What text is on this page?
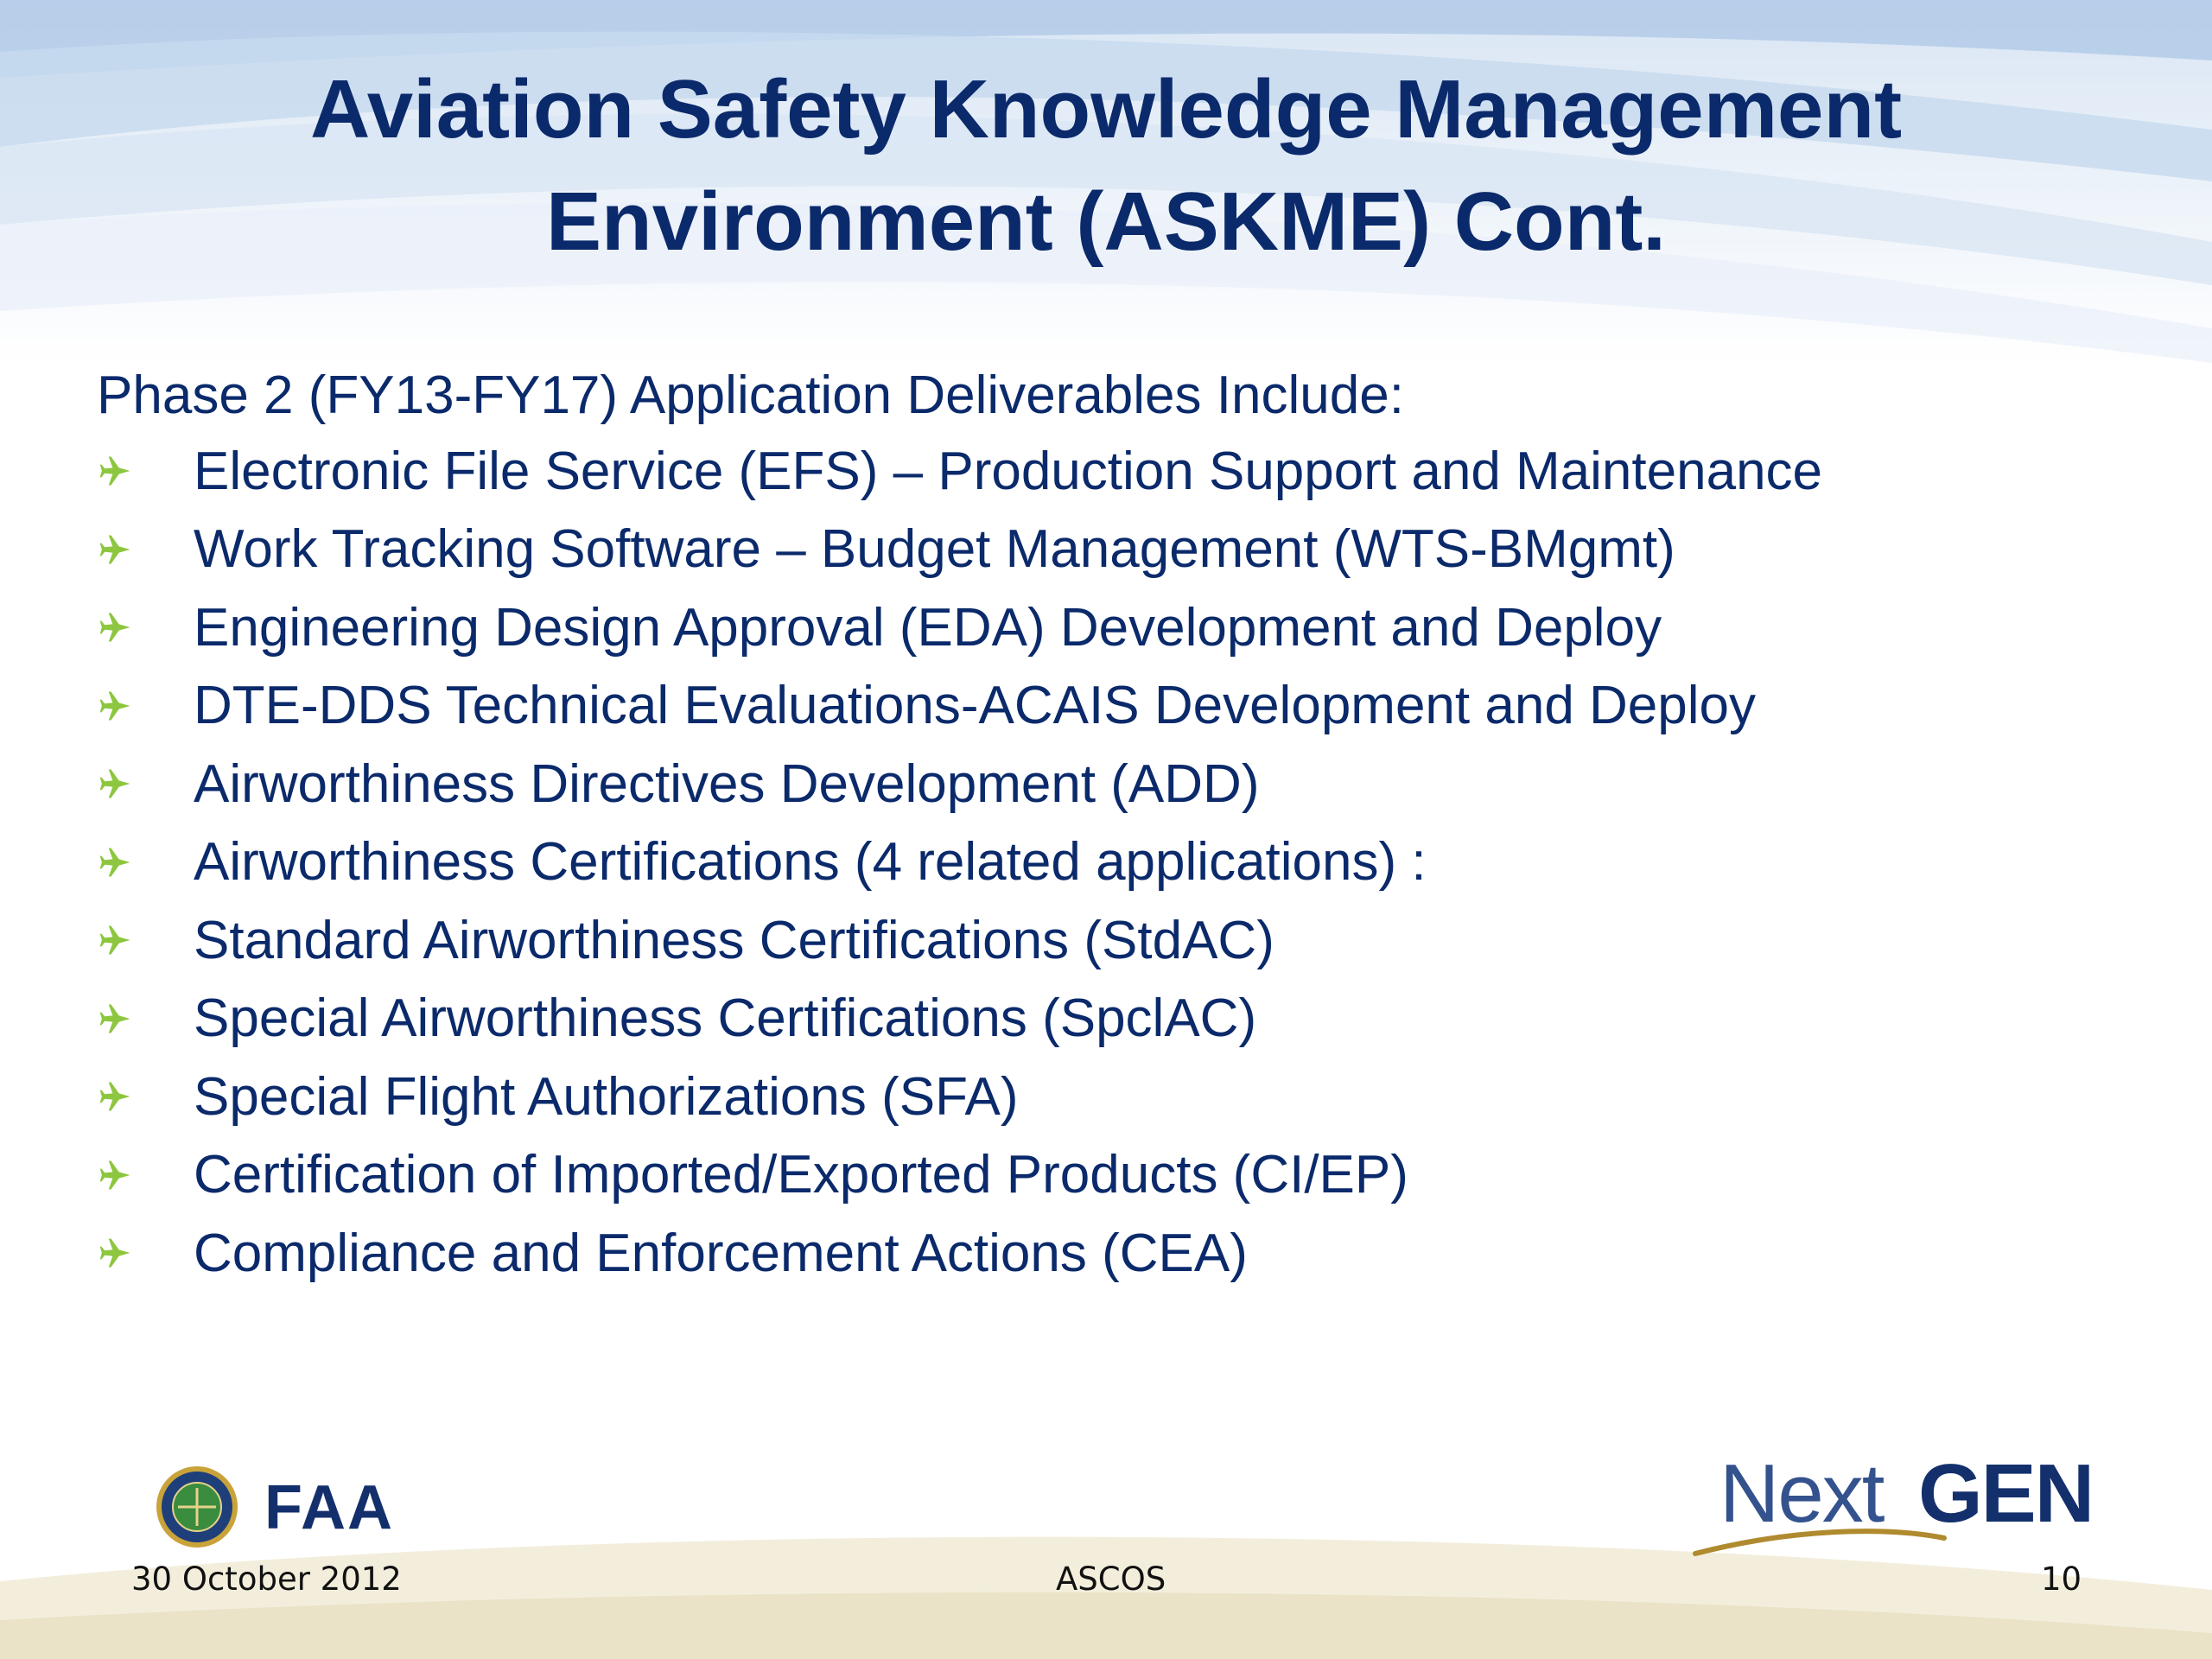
Aviation Safety Knowledge Management
Environment (ASKME) Cont.
Phase 2 (FY13-FY17) Application Deliverables Include:
Electronic File Service (EFS) – Production Support and Maintenance
Work Tracking Software – Budget Management (WTS-BMgmt)
Engineering Design Approval (EDA) Development and Deploy
DTE-DDS Technical Evaluations-ACAIS Development and Deploy
Airworthiness Directives Development (ADD)
Airworthiness Certifications (4 related applications) :
Standard Airworthiness Certifications (StdAC)
Special Airworthiness Certifications (SpclAC)
Special Flight Authorizations (SFA)
Certification of Imported/Exported Products (CI/EP)
Compliance and Enforcement Actions (CEA)
FAA	Next GEN
30 October 2012	ASCOS	10
